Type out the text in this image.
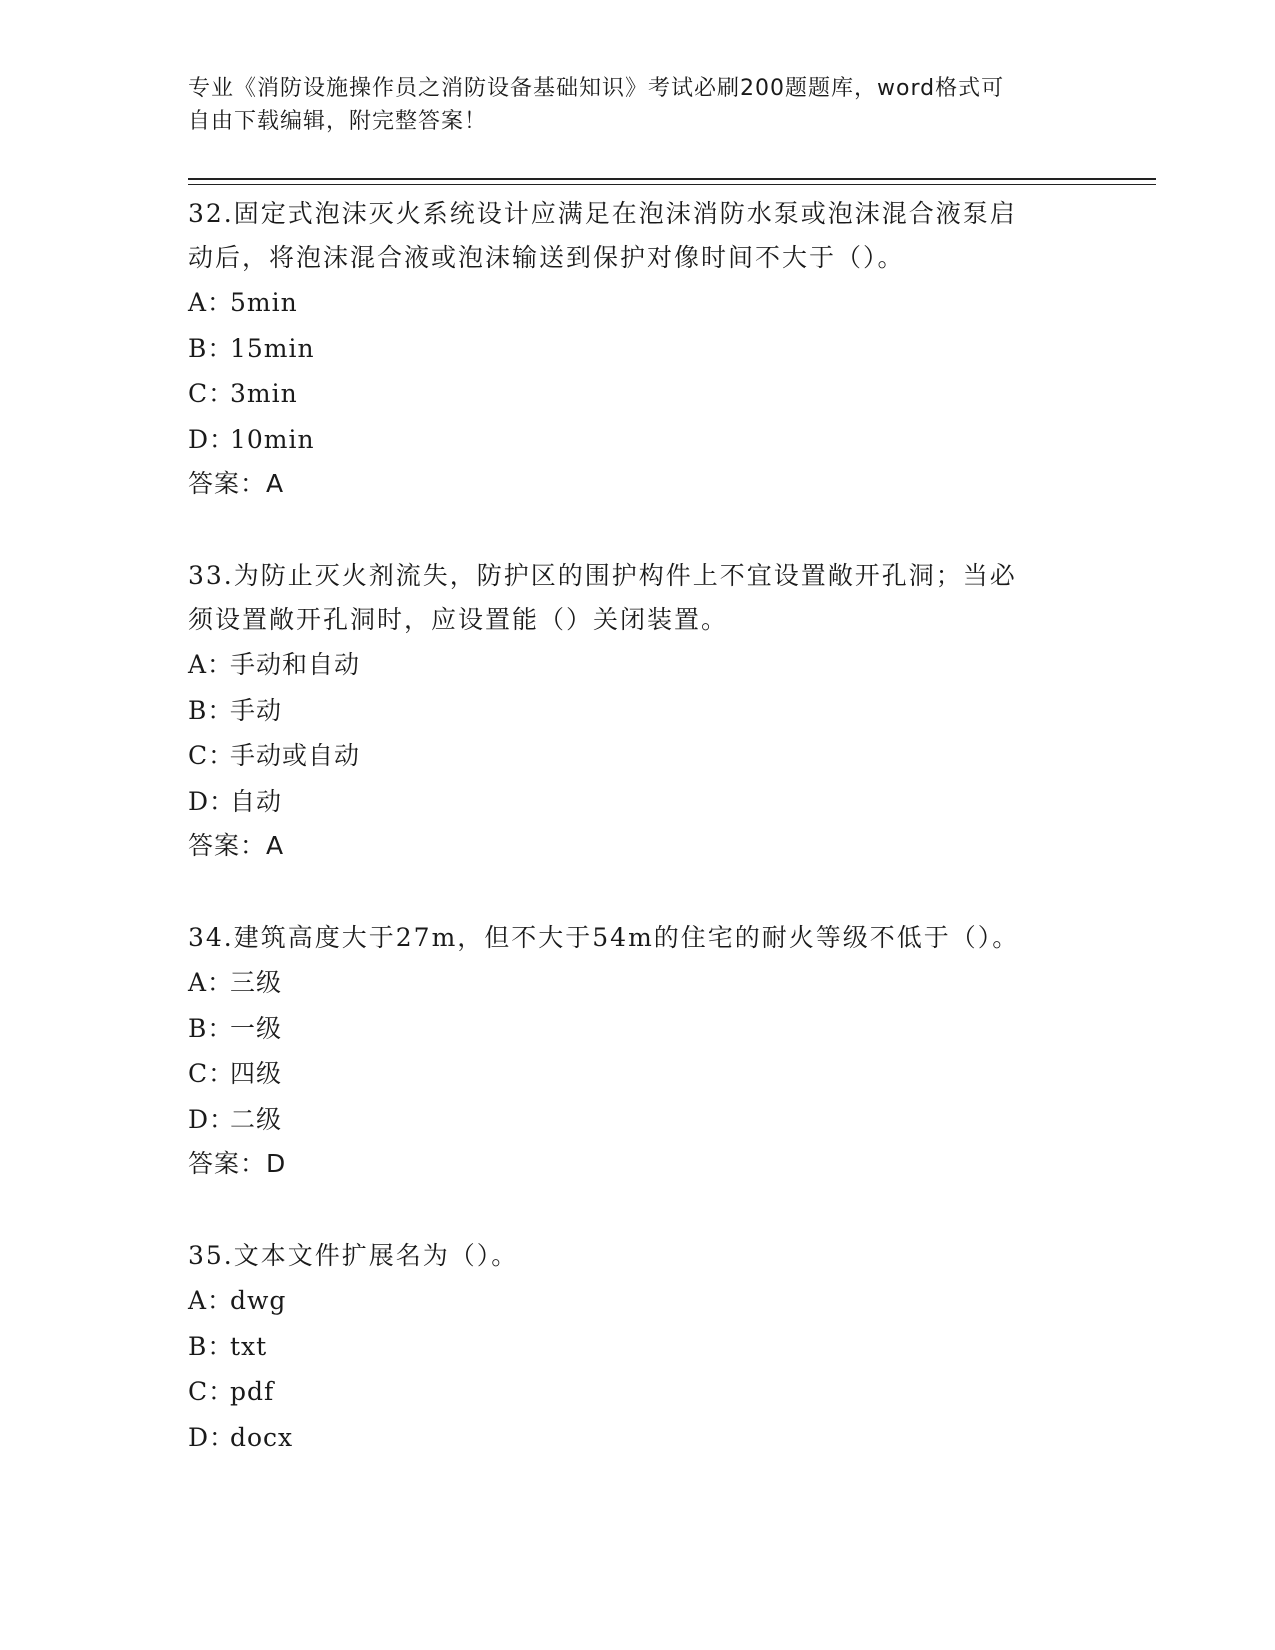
专业《消防设施操作员之消防设备基础知识》考试必刷200题题库，word格式可
自由下载编辑，附完整答案！

32.固定式泡沫灭火系统设计应满足在泡沫消防水泵或泡沫混合液泵启

动后，将泡沫混合液或泡沫输送到保护对像时间不大于（）。

A：5min

B：15min

C：3min

D：10min

答案：A

33.为防止灭火剂流失，防护区的围护构件上不宜设置敞开孔洞；当必

须设置敞开孔洞时，应设置能（）关闭装置。

A：手动和自动

B：手动

C：手动或自动

D：自动

答案：A

34.建筑高度大于27m，但不大于54m的住宅的耐火等级不低于（）。

A：三级

B：一级

C：四级

D：二级

答案：D

35.文本文件扩展名为（）。

A：dwg

B：txt

C：pdf

D：docx
